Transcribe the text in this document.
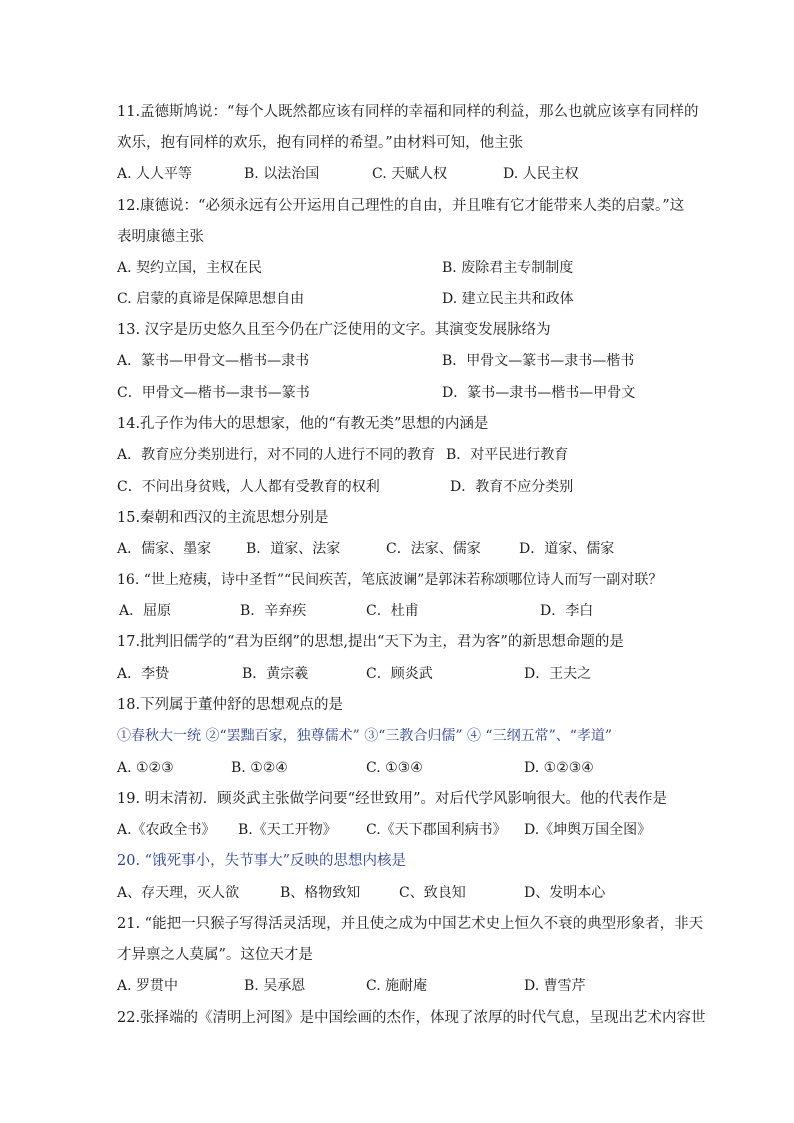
11.孟德斯鸠说：“每个人既然都应该有同样的幸福和同样的利益，那么也就应该享有同样的
欢乐，抱有同样的欢乐，抱有同样的希望。”由材料可知，他主张
A. 人人平等	B. 以法治国	C. 天赋人权	D. 人民主权
12.康德说：“必须永远有公开运用自己理性的自由，并且唯有它才能带来人类的启蒙。”这
表明康德主张
A. 契约立国，主权在民	B. 废除君主专制制度
C. 启蒙的真谛是保障思想自由	D. 建立民主共和政体
13. 汉字是历史悠久且至今仍在广泛使用的文字。其演变发展脉络为
A．篆书—甲骨文—楷书—隶书	B．甲骨文—篆书—隶书—楷书
C．甲骨文—楷书—隶书—篆书	D．篆书—隶书—楷书—甲骨文
14.孔子作为伟大的思想家，他的“有教无类”思想的内涵是
A．教育应分类别进行，对不同的人进行不同的教育 B．对平民进行教育
C．不问出身贫贱，人人都有受教育的权利	D．教育不应分类别
15.秦朝和西汉的主流思想分别是
A．儒家、墨家 B．道家、法家	C．法家、儒家	D．道家、儒家
16. “世上疮痍，诗中圣哲”“民间疾苦，笔底波谰”是郭沫若称颂哪位诗人而写一副对联？
A．屈原	B．辛弃疾	C．杜甫	D．李白
17.批判旧儒学的“君为臣纲”的思想,提出“天下为主，君为客”的新思想命题的是
A．李贽	B．黄宗羲	C．顾炎武	D．王夫之
18.下列属于董仲舒的思想观点的是
①春秋大一统 ②“罢黜百家，独尊儒术” ③“三教合归儒” ④ “三纲五常”、“孝道”
A. ①②③	B. ①②④	C. ①③④	D. ①②③④
19. 明末清初．顾炎武主张做学问要“经世致用”。对后代学风影响很大。他的代表作是
A.《农政全书》 B.《天工开物》 C.《天下郡国利病书》 D.《坤舆万国全图》
20. “饿死事小，失节事大”反映的思想内核是
A、存天理，灭人欲	B、格物致知	C、致良知	D、发明本心
21. “能把一只猴子写得活灵活现，并且使之成为中国艺术史上恒久不衰的典型形象者，非天
才异禀之人莫属”。这位天才是
A. 罗贯中	B. 吴承恩	C. 施耐庵	D. 曹雪芹
22.张择端的《清明上河图》是中国绘画的杰作，体现了浓厚的时代气息，呈现出艺术内容世
